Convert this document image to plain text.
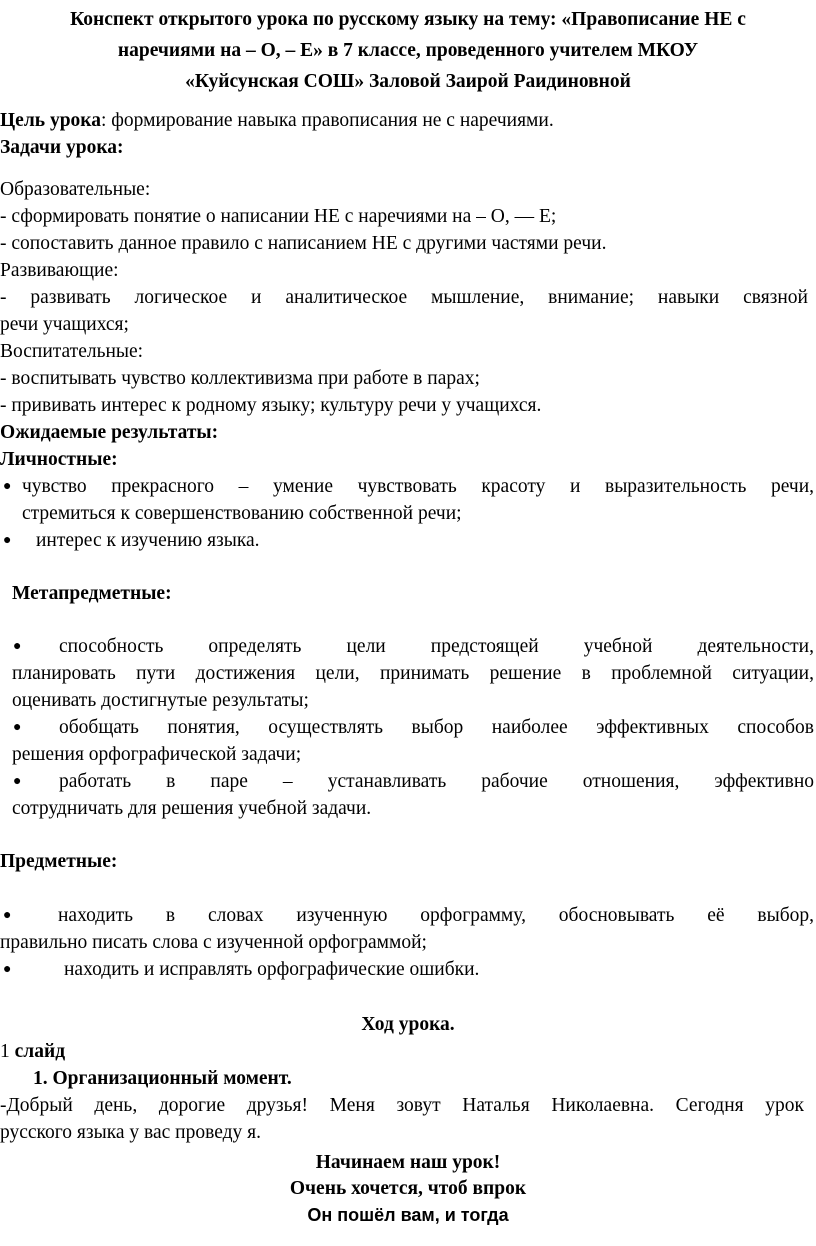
Конспект открытого урока по русскому языку на тему: «Правописание НЕ с
наречиями на – О, – Е» в 7 классе, проведенного учителем МКОУ
«Куйсунская СОШ» Заловой Заирой Раидиновной
Цель урока: формирование навыка правописания не с наречиями.
Задачи урока:
Образовательные:
- сформировать понятие о написании НЕ с наречиями на – О, — Е;
- сопоставить данное правило с написанием НЕ с другими частями речи.
Развивающие:
- развивать логическое и аналитическое мышление, внимание; навыки связной
речи учащихся;
Воспитательные:
- воспитывать чувство коллективизма при работе в парах;
- прививать интерес к родному языку; культуру речи у учащихся.
Ожидаемые результаты:
Личностные:
● чувство прекрасного – умение чувствовать красоту и выразительность речи,
стремиться к совершенствованию собственной речи;
● интерес к изучению языка.
Метапредметные:
● способность определять цели предстоящей учебной деятельности,
планировать пути достижения цели, принимать решение в проблемной ситуации,
оценивать достигнутые результаты;
● обобщать понятия, осуществлять выбор наиболее эффективных способов
решения орфографической задачи;
● работать в паре – устанавливать рабочие отношения, эффективно
сотрудничать для решения учебной задачи.
Предметные:
● находить в словах изученную орфограмму, обосновывать её выбор,
правильно писать слова с изученной орфограммой;
●	находить и исправлять орфографические ошибки.
Ход урока.
1 слайд
1. Организационный момент.
-Добрый день, дорогие друзья! Меня зовут Наталья Николаевна. Сегодня урок
русского языка у вас проведу я.
Начинаем наш урок!
Очень хочется, чтоб впрок
Он пошёл вам, и тогда
